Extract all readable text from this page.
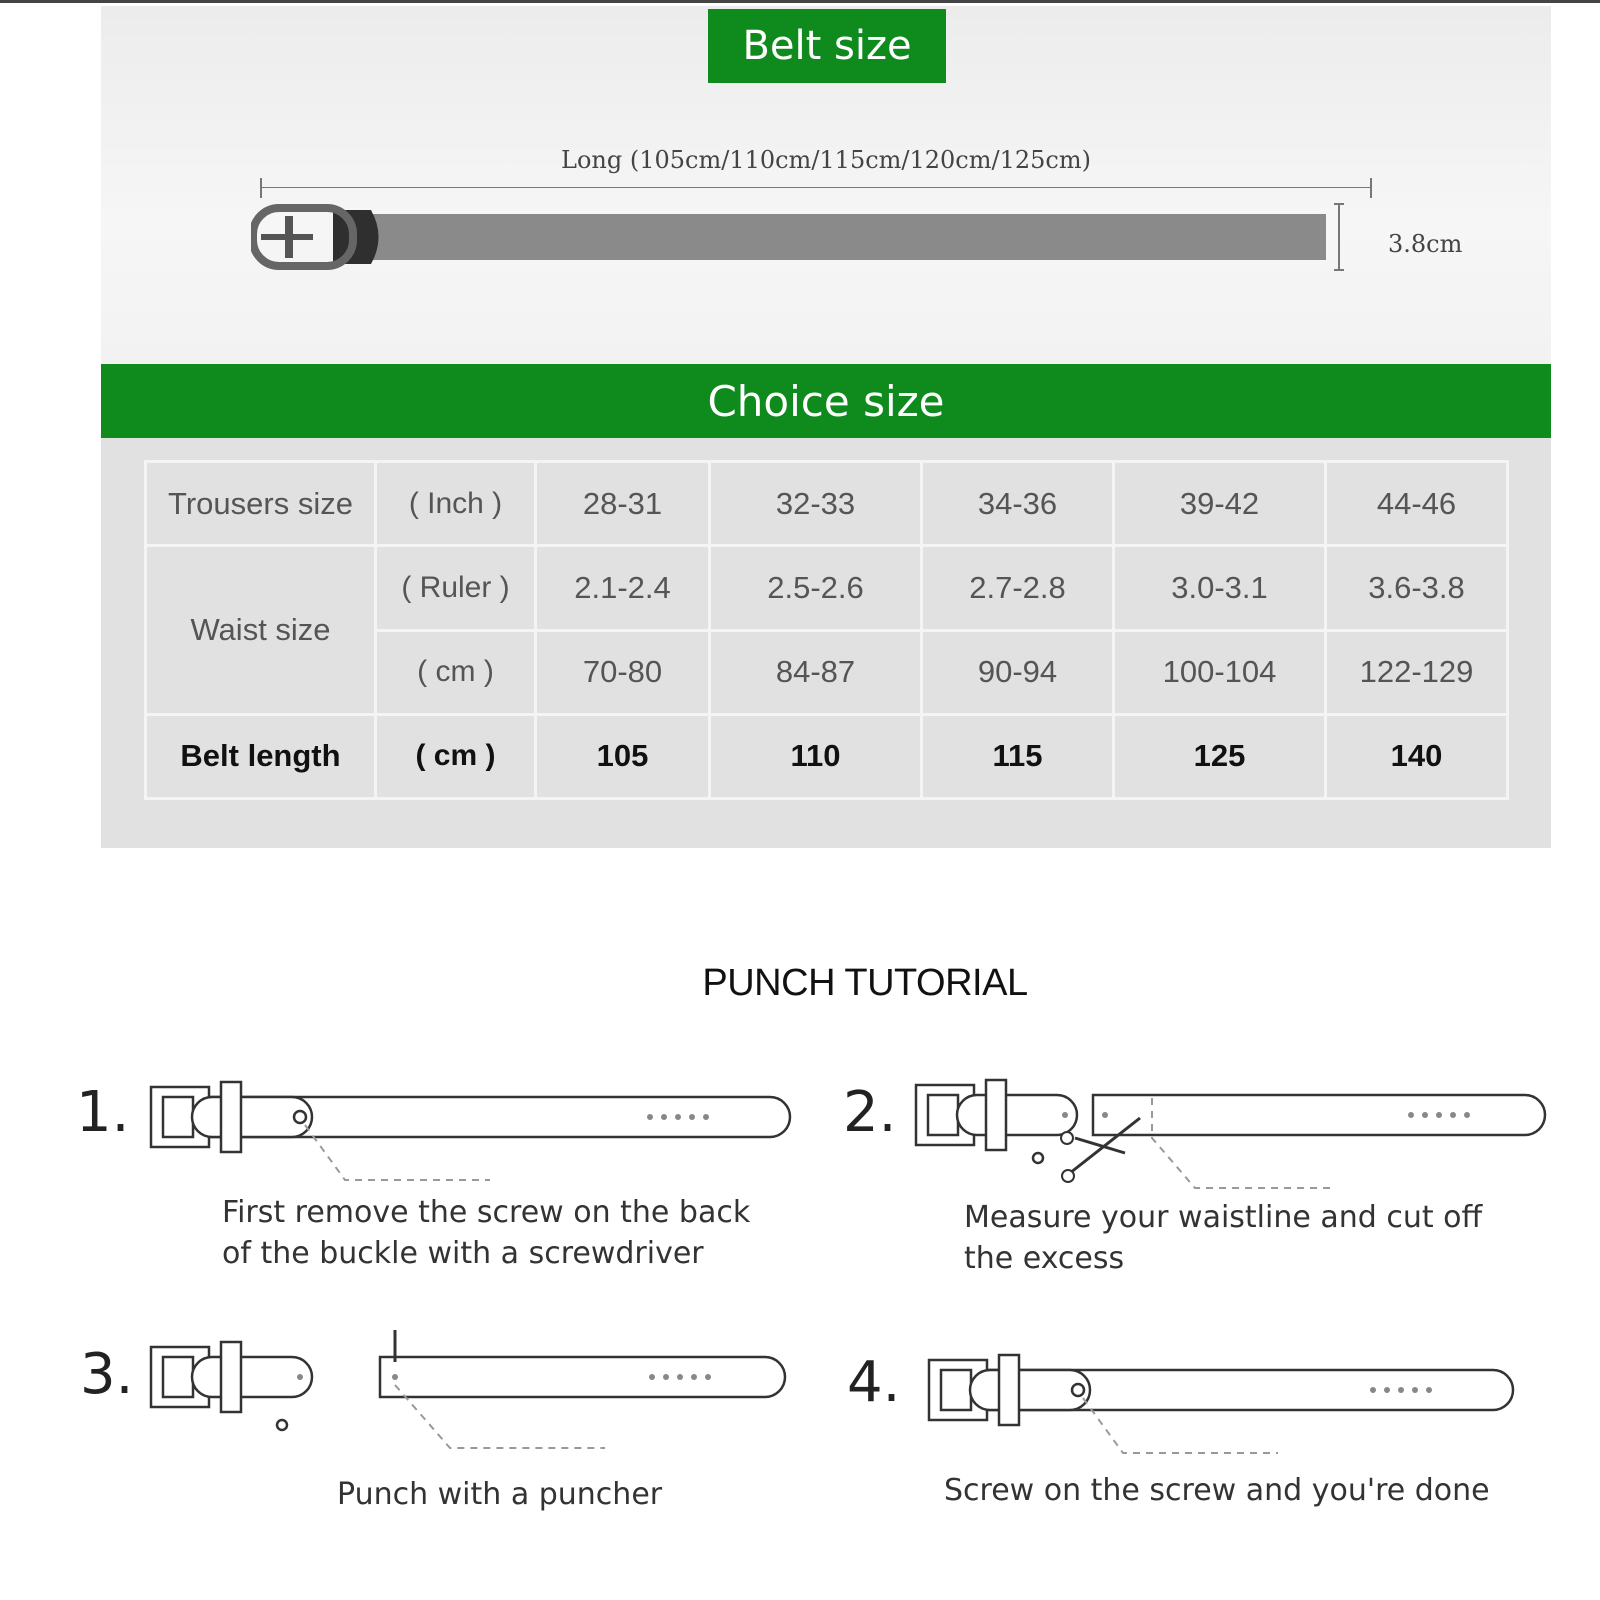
Belt size
Long (105cm/110cm/115cm/120cm/125cm)
3.8cm
Choice size
Trousers size	( Inch )	28-31	32-33	34-36	39-42	44-46
Waist size	( Ruler )	2.1-2.4	2.5-2.6	2.7-2.8	3.0-3.1	3.6-3.8
	( cm )	70-80	84-87	90-94	100-104	122-129
Belt length	( cm )	105	110	115	125	140
PUNCH TUTORIAL
1.
First remove the screw on the back
of the buckle with a screwdriver
2.
Measure your waistline and cut off
the excess
3.
Punch with a puncher
4.
Screw on the screw and you're done
